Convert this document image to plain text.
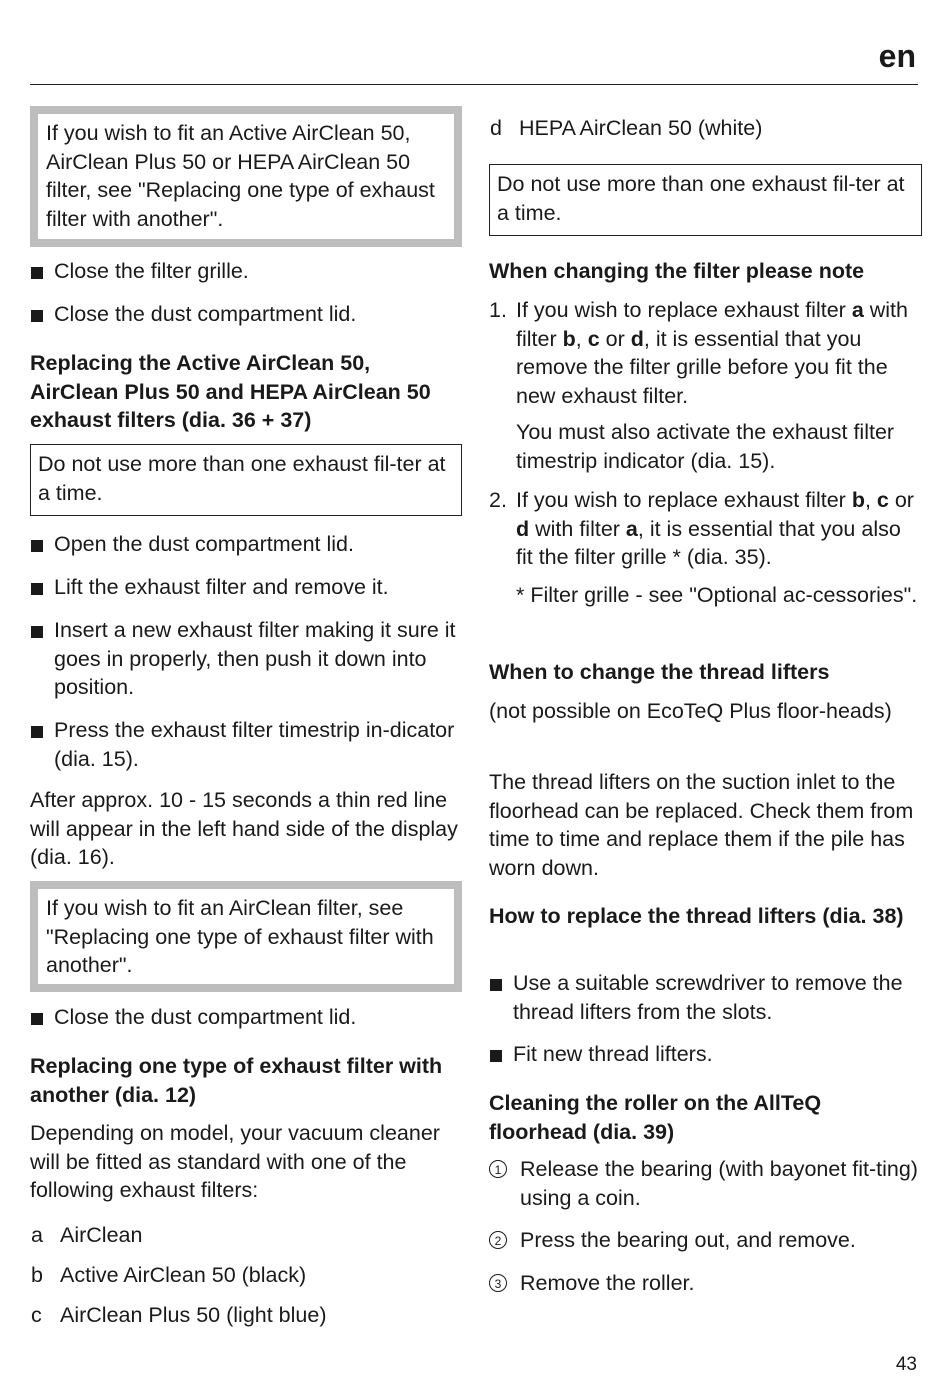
en
If you wish to fit an Active AirClean 50, AirClean Plus 50 or HEPA AirClean 50 filter, see "Replacing one type of exhaust filter with another".
Close the filter grille.
Close the dust compartment lid.
Replacing the Active AirClean 50, AirClean Plus 50 and HEPA AirClean 50 exhaust filters (dia. 36 + 37)
Do not use more than one exhaust fil-ter at a time.
Open the dust compartment lid.
Lift the exhaust filter and remove it.
Insert a new exhaust filter making it sure it goes in properly, then push it down into position.
Press the exhaust filter timestrip in-dicator (dia. 15).
After approx. 10 - 15 seconds a thin red line will appear in the left hand side of the display (dia. 16).
If you wish to fit an AirClean filter, see "Replacing one type of exhaust filter with another".
Close the dust compartment lid.
Replacing one type of exhaust filter with another (dia. 12)
Depending on model, your vacuum cleaner will be fitted as standard with one of the following exhaust filters:
a AirClean
b Active AirClean 50 (black)
c AirClean Plus 50 (light blue)
d HEPA AirClean 50 (white)
Do not use more than one exhaust fil-ter at a time.
When changing the filter please note
1. If you wish to replace exhaust filter a with filter b, c or d, it is essential that you remove the filter grille before you fit the new exhaust filter.
You must also activate the exhaust filter timestrip indicator (dia. 15).
2. If you wish to replace exhaust filter b, c or d with filter a, it is essential that you also fit the filter grille * (dia. 35).
* Filter grille - see "Optional ac-cessories".
When to change the thread lifters
(not possible on EcoTeQ Plus floor-heads)
The thread lifters on the suction inlet to the floorhead can be replaced. Check them from time to time and replace them if the pile has worn down.
How to replace the thread lifters (dia. 38)
Use a suitable screwdriver to remove the thread lifters from the slots.
Fit new thread lifters.
Cleaning the roller on the AllTeQ floorhead (dia. 39)
1 Release the bearing (with bayonet fit-ting) using a coin.
2 Press the bearing out, and remove.
3 Remove the roller.
43
